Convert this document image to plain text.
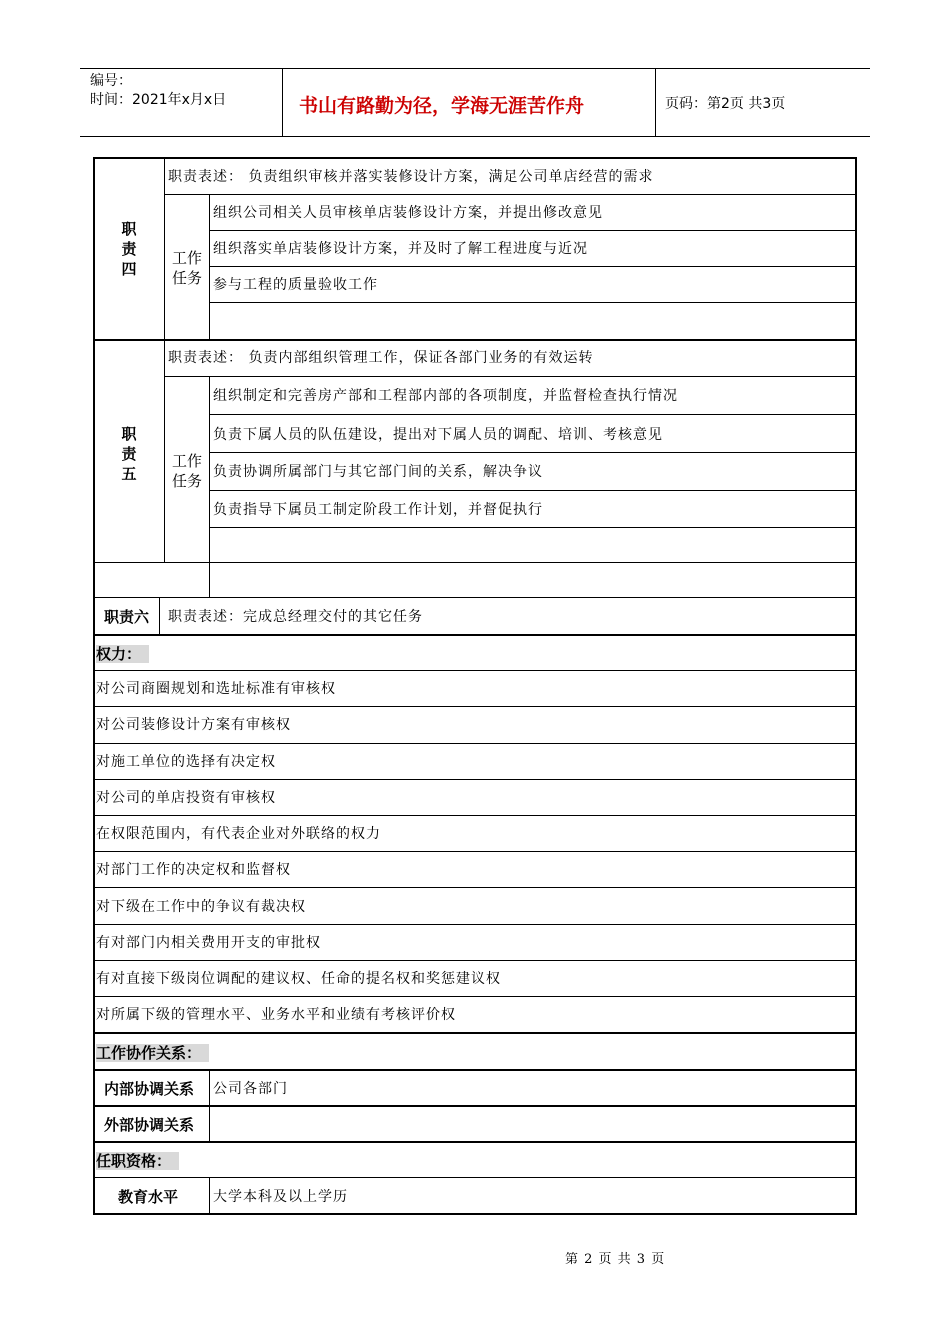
编号：
时间：2021年x月x日	书山有路勤为径，学海无涯苦作舟	页码：第2页 共3页
职责四
职责表述： 负责组织审核并落实装修设计方案，满足公司单店经营的需求
工作任务
组织公司相关人员审核单店装修设计方案，并提出修改意见
组织落实单店装修设计方案，并及时了解工程进度与近况
参与工程的质量验收工作
职责五
职责表述： 负责内部组织管理工作，保证各部门业务的有效运转
工作任务
组织制定和完善房产部和工程部内部的各项制度，并监督检查执行情况
负责下属人员的队伍建设，提出对下属人员的调配、培训、考核意见
负责协调所属部门与其它部门间的关系，解决争议
负责指导下属员工制定阶段工作计划，并督促执行
职责六 职责表述：完成总经理交付的其它任务
权力：
对公司商圈规划和选址标准有审核权
对公司装修设计方案有审核权
对施工单位的选择有决定权
对公司的单店投资有审核权
在权限范围内，有代表企业对外联络的权力
对部门工作的决定权和监督权
对下级在工作中的争议有裁决权
有对部门内相关费用开支的审批权
有对直接下级岗位调配的建议权、任命的提名权和奖惩建议权
对所属下级的管理水平、业务水平和业绩有考核评价权
工作协作关系：
内部协调关系 公司各部门
外部协调关系
任职资格：
教育水平 大学本科及以上学历
第 2 页 共 3 页
